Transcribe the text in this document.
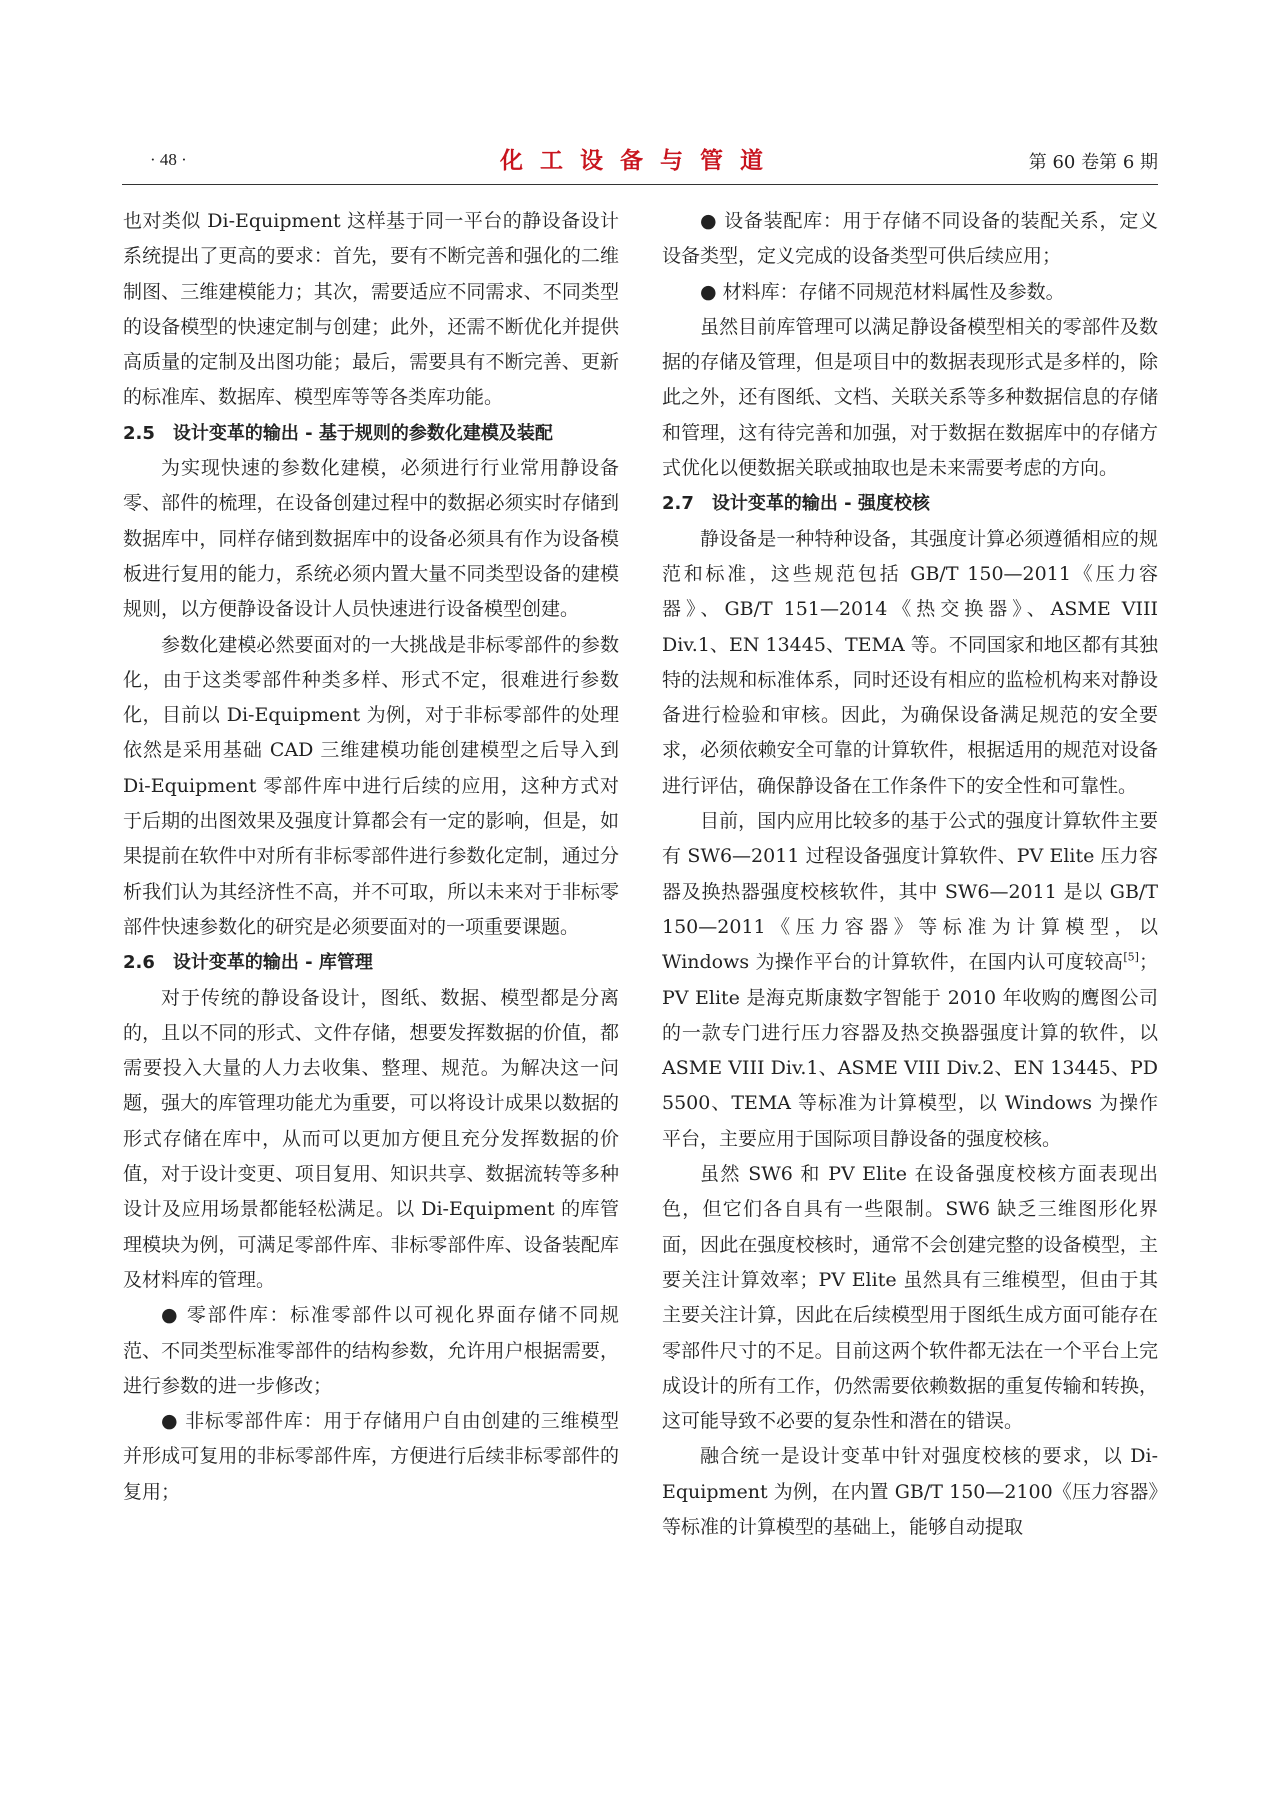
· 48 ·	化工设备与管道	第 60 卷第 6 期

也对类似 Di-Equipment 这样基于同一平台的静设备设计系统提出了更高的要求：首先，要有不断完善和强化的二维制图、三维建模能力；其次，需要适应不同需求、不同类型的设备模型的快速定制与创建；此外，还需不断优化并提供高质量的定制及出图功能；最后，需要具有不断完善、更新的标准库、数据库、模型库等等各类库功能。

2.5　设计变革的输出 - 基于规则的参数化建模及装配

为实现快速的参数化建模，必须进行行业常用静设备零、部件的梳理，在设备创建过程中的数据必须实时存储到数据库中，同样存储到数据库中的设备必须具有作为设备模板进行复用的能力，系统必须内置大量不同类型设备的建模规则，以方便静设备设计人员快速进行设备模型创建。

参数化建模必然要面对的一大挑战是非标零部件的参数化，由于这类零部件种类多样、形式不定，很难进行参数化，目前以 Di-Equipment 为例，对于非标零部件的处理依然是采用基础 CAD 三维建模功能创建模型之后导入到 Di-Equipment 零部件库中进行后续的应用，这种方式对于后期的出图效果及强度计算都会有一定的影响，但是，如果提前在软件中对所有非标零部件进行参数化定制，通过分析我们认为其经济性不高，并不可取，所以未来对于非标零部件快速参数化的研究是必须要面对的一项重要课题。

2.6　设计变革的输出 - 库管理

对于传统的静设备设计，图纸、数据、模型都是分离的，且以不同的形式、文件存储，想要发挥数据的价值，都需要投入大量的人力去收集、整理、规范。为解决这一问题，强大的库管理功能尤为重要，可以将设计成果以数据的形式存储在库中，从而可以更加方便且充分发挥数据的价值，对于设计变更、项目复用、知识共享、数据流转等多种设计及应用场景都能轻松满足。以 Di-Equipment 的库管理模块为例，可满足零部件库、非标零部件库、设备装配库及材料库的管理。

● 零部件库：标准零部件以可视化界面存储不同规范、不同类型标准零部件的结构参数，允许用户根据需要，进行参数的进一步修改；

● 非标零部件库：用于存储用户自由创建的三维模型并形成可复用的非标零部件库，方便进行后续非标零部件的复用；

● 设备装配库：用于存储不同设备的装配关系，定义设备类型，定义完成的设备类型可供后续应用；

● 材料库：存储不同规范材料属性及参数。

虽然目前库管理可以满足静设备模型相关的零部件及数据的存储及管理，但是项目中的数据表现形式是多样的，除此之外，还有图纸、文档、关联关系等多种数据信息的存储和管理，这有待完善和加强，对于数据在数据库中的存储方式优化以便数据关联或抽取也是未来需要考虑的方向。

2.7　设计变革的输出 - 强度校核

静设备是一种特种设备，其强度计算必须遵循相应的规范和标准，这些规范包括 GB/T 150—2011《压力容器》、GB/T 151—2014《热交换器》、ASME VIII Div.1、EN 13445、TEMA 等。不同国家和地区都有其独特的法规和标准体系，同时还设有相应的监检机构来对静设备进行检验和审核。因此，为确保设备满足规范的安全要求，必须依赖安全可靠的计算软件，根据适用的规范对设备进行评估，确保静设备在工作条件下的安全性和可靠性。

目前，国内应用比较多的基于公式的强度计算软件主要有 SW6—2011 过程设备强度计算软件、PV Elite 压力容器及换热器强度校核软件，其中 SW6—2011 是以 GB/T 150—2011《压力容器》等标准为计算模型，以 Windows 为操作平台的计算软件，在国内认可度较高[5]；PV Elite 是海克斯康数字智能于 2010 年收购的鹰图公司的一款专门进行压力容器及热交换器强度计算的软件，以 ASME VIII Div.1、ASME VIII Div.2、EN 13445、PD 5500、TEMA 等标准为计算模型，以 Windows 为操作平台，主要应用于国际项目静设备的强度校核。

虽然 SW6 和 PV Elite 在设备强度校核方面表现出色，但它们各自具有一些限制。SW6 缺乏三维图形化界面，因此在强度校核时，通常不会创建完整的设备模型，主要关注计算效率；PV Elite 虽然具有三维模型，但由于其主要关注计算，因此在后续模型用于图纸生成方面可能存在零部件尺寸的不足。目前这两个软件都无法在一个平台上完成设计的所有工作，仍然需要依赖数据的重复传输和转换，这可能导致不必要的复杂性和潜在的错误。

融合统一是设计变革中针对强度校核的要求，以 Di-Equipment 为例，在内置 GB/T 150—2100《压力容器》等标准的计算模型的基础上，能够自动提取
